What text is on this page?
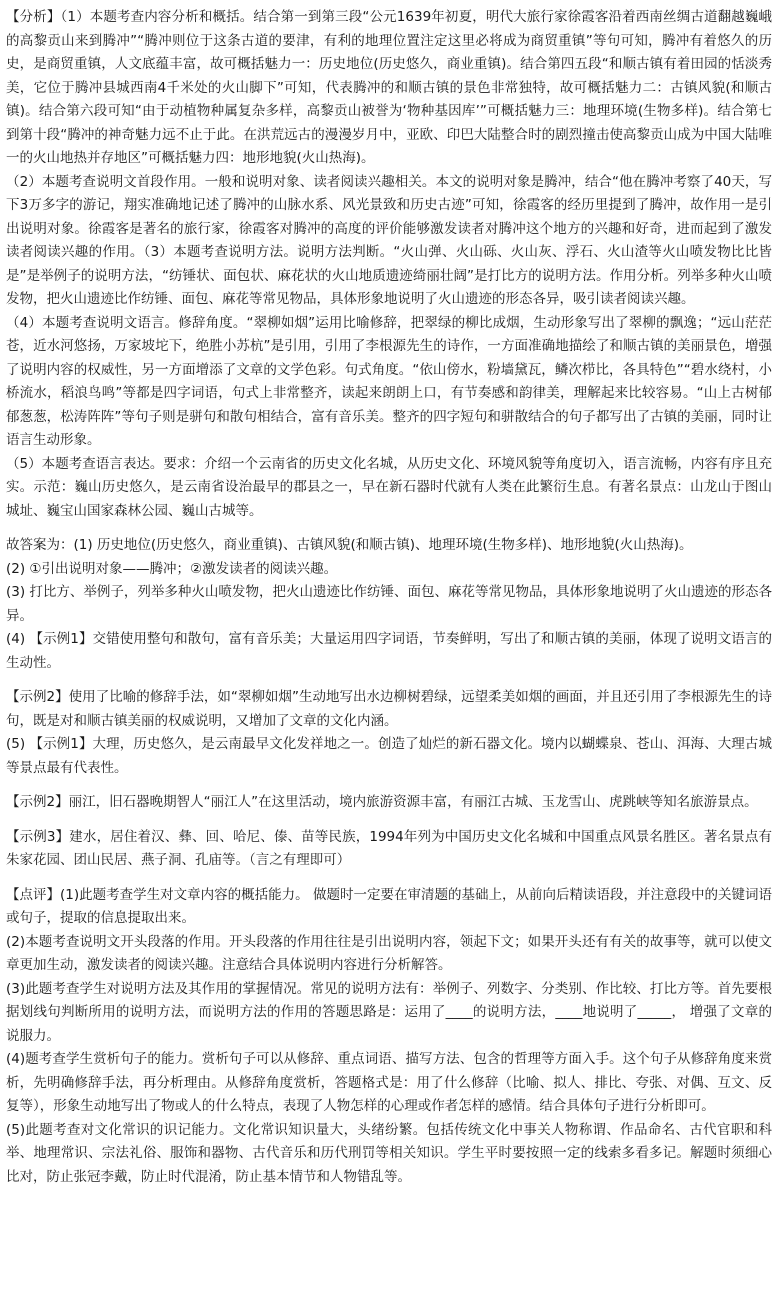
【分析】（1）本题考查内容分析和概括。结合第一到第三段“公元1639年初夏，明代大旅行家徐霞客沿着西南丝绸古道翻越巍峨的高黎贡山来到腾冲”“腾冲则位于这条古道的要津，有利的地理位置注定这里必将成为商贸重镇”等句可知，腾冲有着悠久的历史，是商贸重镇，人文底蕴丰富，故可概括魅力一：历史地位(历史悠久，商业重镇)。结合第四五段“和顺古镇有着田园的恬淡秀美，它位于腾冲县城西南4千米处的火山脚下”可知，代表腾冲的和顺古镇的景色非常独特，故可概括魅力二：古镇风貌(和顺古镇)。结合第六段可知“由于动植物种属复杂多样，高黎贡山被誉为‘物种基因库’”可概括魅力三：地理环境(生物多样)。结合第七到第十段“腾冲的神奇魅力远不止于此。在洪荒远古的漫漫岁月中，亚欧、印巴大陆整合时的剧烈撞击使高黎贡山成为中国大陆唯一的火山地热并存地区”可概括魅力四：地形地貌(火山热海)。

（2）本题考查说明文首段作用。一般和说明对象、读者阅读兴趣相关。本文的说明对象是腾冲，结合“他在腾冲考察了40天，写下3万多字的游记，翔实准确地记述了腾冲的山脉水系、风光景致和历史古迹”可知，徐霞客的经历里提到了腾冲，故作用一是引出说明对象。徐霞客是著名的旅行家，徐霞客对腾冲的高度的评价能够激发读者对腾冲这个地方的兴趣和好奇，进而起到了激发读者阅读兴趣的作用。（3）本题考查说明方法。说明方法判断。“火山弹、火山砾、火山灰、浮石、火山渣等火山喷发物比比皆是”是举例子的说明方法，“纺锤状、面包状、麻花状的火山地质遗迹绮丽壮阔”是打比方的说明方法。作用分析。列举多种火山喷发物，把火山遗迹比作纺锤、面包、麻花等常见物品，具体形象地说明了火山遗迹的形态各异，吸引读者阅读兴趣。

（4）本题考查说明文语言。修辞角度。“翠柳如烟”运用比喻修辞，把翠绿的柳比成烟，生动形象写出了翠柳的飘逸；“远山茫茫苍，近水河悠扬，万家坡坨下，绝胜小苏杭”是引用，引用了李根源先生的诗作，一方面准确地描绘了和顺古镇的美丽景色，增强了说明内容的权威性，另一方面增添了文章的文学色彩。句式角度。“依山傍水，粉墙黛瓦，鳞次栉比，各具特色”“碧水绕村，小桥流水，稻浪鸟鸣”等都是四字词语，句式上非常整齐，读起来朗朗上口，有节奏感和韵律美，理解起来比较容易。“山上古树郁郁葱葱，松涛阵阵”等句子则是骈句和散句相结合，富有音乐美。整齐的四字短句和骈散结合的句子都写出了古镇的美丽，同时让语言生动形象。

（5）本题考查语言表达。要求：介绍一个云南省的历史文化名城，从历史文化、环境风貌等角度切入，语言流畅，内容有序且充实。示范：巍山历史悠久，是云南省设治最早的郡县之一，早在新石器时代就有人类在此繁衍生息。有著名景点：山龙山于图山城址、巍宝山国家森林公园、巍山古城等。

故答案为：(1) 历史地位(历史悠久，商业重镇)、古镇风貌(和顺古镇)、地理环境(生物多样)、地形地貌(火山热海)。

(2) ①引出说明对象——腾冲；②激发读者的阅读兴趣。

(3) 打比方、举例子，列举多种火山喷发物，把火山遗迹比作纺锤、面包、麻花等常见物品，具体形象地说明了火山遗迹的形态各异。

(4) 【示例1】交错使用整句和散句，富有音乐美；大量运用四字词语，节奏鲜明，写出了和顺古镇的美丽，体现了说明文语言的生动性。

【示例2】使用了比喻的修辞手法，如“翠柳如烟”生动地写出水边柳树碧绿，远望柔美如烟的画面，并且还引用了李根源先生的诗句，既是对和顺古镇美丽的权威说明，又增加了文章的文化内涵。

(5) 【示例1】大理，历史悠久，是云南最早文化发祥地之一。创造了灿烂的新石器文化。境内以蝴蝶泉、苍山、洱海、大理古城等景点最有代表性。

【示例2】丽江，旧石器晚期智人“丽江人”在这里活动，境内旅游资源丰富，有丽江古城、玉龙雪山、虎跳峡等知名旅游景点。

【示例3】建水，居住着汉、彝、回、哈尼、傣、苗等民族，1994年列为中国历史文化名城和中国重点风景名胜区。著名景点有朱家花园、团山民居、燕子洞、孔庙等。（言之有理即可）

【点评】(1)此题考查学生对文章内容的概括能力。 做题时一定要在审清题的基础上，从前向后精读语段，并注意段中的关键词语或句子，提取的信息提取出来。

(2)本题考查说明文开头段落的作用。开头段落的作用往往是引出说明内容，领起下文；如果开头还有有关的故事等，就可以使文章更加生动，激发读者的阅读兴趣。注意结合具体说明内容进行分析解答。

(3)此题考查学生对说明方法及其作用的掌握情况。常见的说明方法有：举例子、列数字、分类别、作比较、打比方等。首先要根据划线句判断所用的说明方法，而说明方法的作用的答题思路是：运用了____的说明方法，____地说明了_____， 增强了文章的说服力。

(4)题考查学生赏析句子的能力。赏析句子可以从修辞、重点词语、描写方法、包含的哲理等方面入手。这个句子从修辞角度来赏析，先明确修辞手法，再分析理由。从修辞角度赏析，答题格式是：用了什么修辞（比喻、拟人、排比、夸张、对偶、互文、反复等），形象生动地写出了物或人的什么特点，表现了人物怎样的心理或作者怎样的感情。结合具体句子进行分析即可。

(5)此题考查对文化常识的识记能力。文化常识知识量大，头绪纷繁。包括传统文化中事关人物称谓、作品命名、古代官职和科举、地理常识、宗法礼俗、服饰和器物、古代音乐和历代刑罚等相关知识。学生平时要按照一定的线索多看多记。解题时须细心比对，防止张冠李戴，防止时代混淆，防止基本情节和人物错乱等。
